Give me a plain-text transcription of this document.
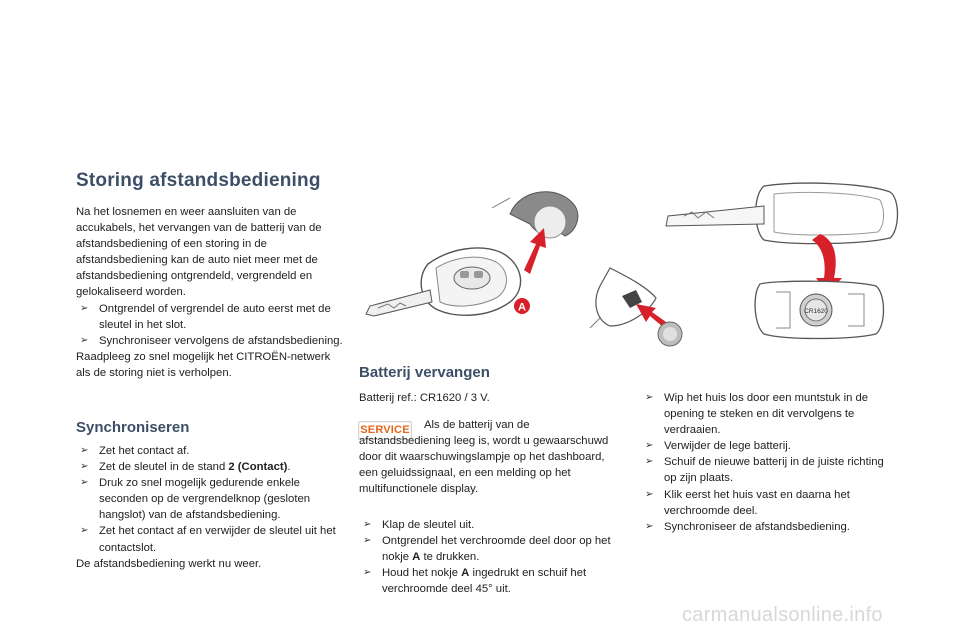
Storing afstandsbediening

Na het losnemen en weer aansluiten van de accukabels, het vervangen van de batterij van de afstandsbediening of een storing in de afstandsbediening kan de auto niet meer met de afstandsbediening ontgrendeld, vergrendeld en gelokaliseerd worden.

➢ Ontgrendel of vergrendel de auto eerst met de sleutel in het slot.
➢ Synchroniseer vervolgens de afstandsbediening.

Raadpleeg zo snel mogelijk het CITROËN-netwerk als de storing niet is verholpen.

Synchroniseren
➢ Zet het contact af.
➢ Zet de sleutel in de stand 2 (Contact).
➢ Druk zo snel mogelijk gedurende enkele seconden op de vergrendelknop (gesloten hangslot) van de afstandsbediening.
➢ Zet het contact af en verwijder de sleutel uit het contactslot.

De afstandsbediening werkt nu weer.

A	CR1620
Batterij vervangen

Batterij ref.: CR1620 / 3 V.

SERVICE	Als de batterij van de afstandsbediening leeg is, wordt u gewaarschuwd door dit waarschuwingslampje op het dashboard, een geluidssignaal, en een melding op het multifunctionele display.

➢ Klap de sleutel uit.
➢ Ontgrendel het verchroomde deel door op het nokje A te drukken.
➢ Houd het nokje A ingedrukt en schuif het verchroomde deel 45° uit.
➢ Wip het huis los door een muntstuk in de opening te steken en dit vervolgens te verdraaien.
➢ Verwijder de lege batterij.
➢ Schuif de nieuwe batterij in de juiste richting op zijn plaats.
➢ Klik eerst het huis vast en daarna het verchroomde deel.
➢ Synchroniseer de afstandsbediening.
carmanualsonline.info
